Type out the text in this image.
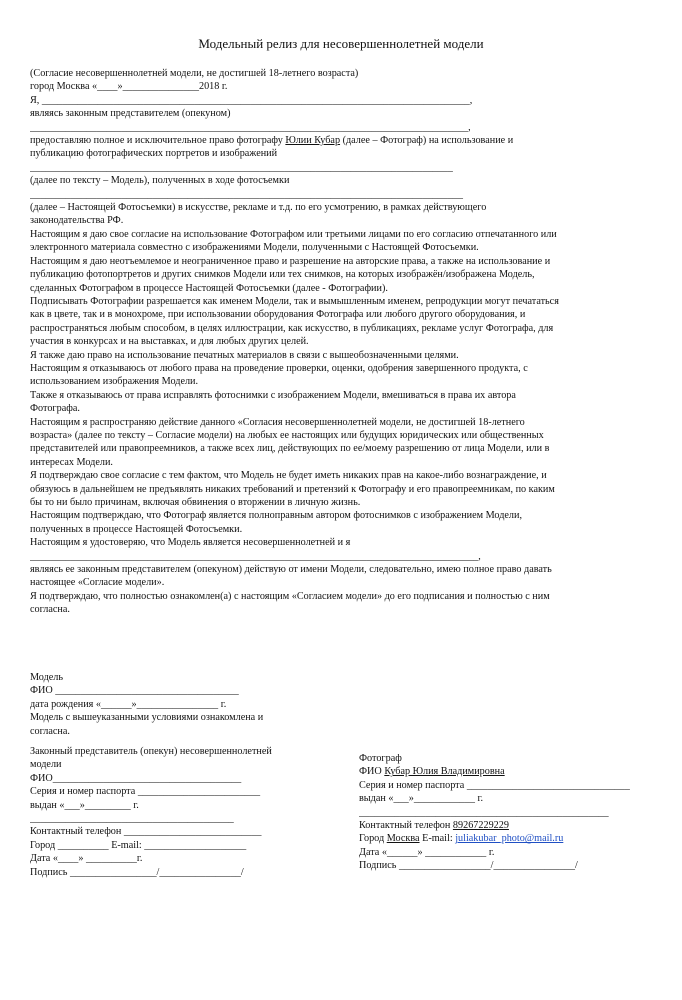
Модельный релиз для несовершеннолетней модели
(Согласие несовершеннолетней модели, не достигшей 18-летнего возраста)
город Москва «____»_______________2018 г.
Я, ____________________________________________________________________________________,
являясь законным представителем (опекуном)
______________________________________________________________________________________,
предоставляю полное и исключительное право фотографу Юлии Кубар (далее – Фотограф) на использование и
публикацию фотографических портретов и изображений
___________________________________________________________________________________
(далее по тексту – Модель), полученных в ходе фотосъемки
_____________________________________________________________________________________
(далее – Настоящей Фотосъемки) в искусстве, рекламе и т.д. по его усмотрению, в рамках действующего
законодательства РФ.
Настоящим я даю свое согласие на использование Фотографом или третьими лицами по его согласию отпечатанного или
электронного материала совместно с изображениями Модели, полученными с Настоящей Фотосъемки.
Настоящим я даю неотъемлемое и неограниченное право и разрешение на авторские права, а также на использование и
публикацию фотопортретов и других снимков Модели или тех снимков, на которых изображён/изображена Модель,
сделанных Фотографом в процессе Настоящей Фотосъемки (далее - Фотографии).
Подписывать Фотографии разрешается как именем Модели, так и вымышленным именем, репродукции могут печататься
как в цвете, так и в монохроме, при использовании оборудования Фотографа или любого другого оборудования, и
распространяться любым способом, в целях иллюстрации, как искусство, в публикациях, рекламе услуг Фотографа, для
участия в конкурсах и на выставках, и для любых других целей.
Я также даю право на использование печатных материалов в связи с вышеобозначенными целями.
Настоящим я отказываюсь от любого права на проведение проверки, оценки, одобрения завершенного продукта, с
использованием изображения Модели.
Также я отказываюсь от права исправлять фотоснимки с изображением Модели, вмешиваться в права их автора
Фотографа.
Настоящим я распространяю действие данного «Согласия несовершеннолетней модели, не достигшей 18-летнего
возраста» (далее по тексту – Согласие модели) на любых ее настоящих или будущих юридических или общественных
представителей или правопреемников, а также всех лиц, действующих по ее/моему разрешению от лица Модели, или в
интересах Модели.
Я подтверждаю свое согласие с тем фактом, что Модель не будет иметь никаких прав на какое-либо вознаграждение, и
обязуюсь в дальнейшем не предъявлять никаких требований и претензий к Фотографу и его правопреемникам, по каким
бы то ни было причинам, включая обвинения о вторжении в личную жизнь.
Настоящим подтверждаю, что Фотограф является полноправным автором фотоснимков с изображением Модели,
полученных в процессе Настоящей Фотосъемки.
Настоящим я удостоверяю, что Модель является несовершеннолетней и я
________________________________________________________________________________________,
являясь ее законным представителем (опекуном) действую от имени Модели, следовательно, имею полное право давать
настоящее «Согласие модели».
Я подтверждаю, что полностью ознакомлен(а) с настоящим «Согласием модели» до его подписания и полностью с ним
согласна.
Модель
ФИО ____________________________________
дата рождения «______»________________ г.
Модель с вышеуказанными условиями ознакомлена и
согласна.
Законный представитель (опекун) несовершеннолетней
модели
ФИО_____________________________________
Серия и номер паспорта ________________________
выдан «___»_________ г.
________________________________________
Контактный телефон ___________________________
Город __________ E-mail: ____________________
Дата «____» __________г.
Подпись _________________/________________/
Фотограф
ФИО Кубар Юлия Владимировна
Серия и номер паспорта ________________________________
выдан «___»____________ г.
_________________________________________________
Контактный телефон 89267229229
Город Москва E-mail: juliakubar_photo@mail.ru
Дата «______» ____________ г.
Подпись __________________/________________/
